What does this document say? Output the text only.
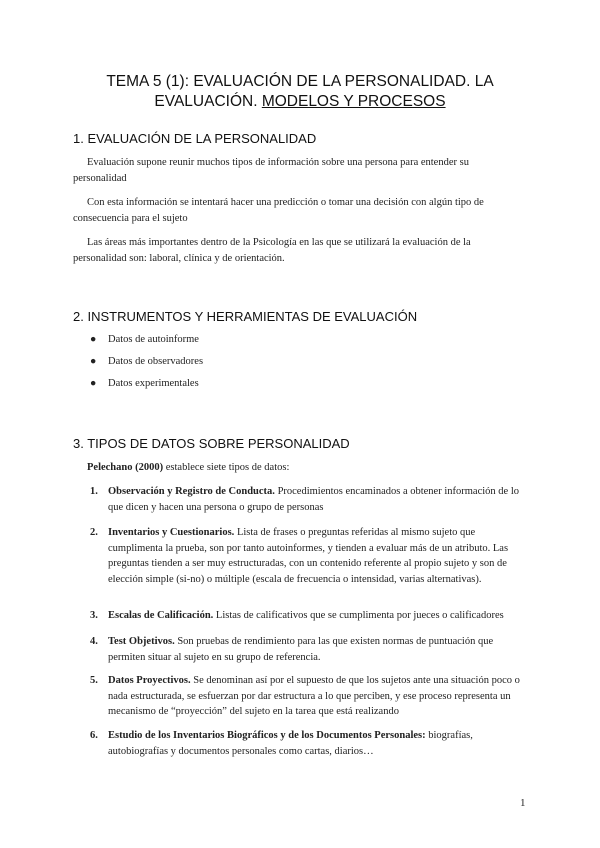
TEMA 5 (1): EVALUACIÓN DE LA PERSONALIDAD. LA
EVALUACIÓN. MODELOS Y PROCESOS
1. EVALUACIÓN DE LA PERSONALIDAD

Evaluación supone reunir muchos tipos de información sobre una persona para entender su personalidad

Con esta información se intentará hacer una predicción o tomar una decisión con algún tipo de consecuencia para el sujeto

Las áreas más importantes dentro de la Psicología en las que se utilizará la evaluación de la personalidad son: laboral, clínica y de orientación.

2. INSTRUMENTOS Y HERRAMIENTAS DE EVALUACIÓN
● Datos de autoinforme
● Datos de observadores
● Datos experimentales
3. TIPOS DE DATOS SOBRE PERSONALIDAD

Pelechano (2000) establece siete tipos de datos:

1. Observación y Registro de Conducta. Procedimientos encaminados a obtener información de lo que dicen y hacen una persona o grupo de personas
2. Inventarios y Cuestionarios. Lista de frases o preguntas referidas al mismo sujeto que cumplimenta la prueba, son por tanto autoinformes, y tienden a evaluar más de un atributo. Las preguntas tienden a ser muy estructuradas, con un contenido referente al propio sujeto y son de elección simple (si-no) o múltiple (escala de frecuencia o intensidad, varias alternativas).
3. Escalas de Calificación. Listas de calificativos que se cumplimenta por jueces o calificadores
4. Test Objetivos. Son pruebas de rendimiento para las que existen normas de puntuación que permiten situar al sujeto en su grupo de referencia.
5. Datos Proyectivos. Se denominan así por el supuesto de que los sujetos ante una situación poco o nada estructurada, se esfuerzan por dar estructura a lo que perciben, y ese proceso representa un mecanismo de “proyección” del sujeto en la tarea que está realizando
6. Estudio de los Inventarios Biográficos y de los Documentos Personales: biografías, autobiografías y documentos personales como cartas, diarios…
1
